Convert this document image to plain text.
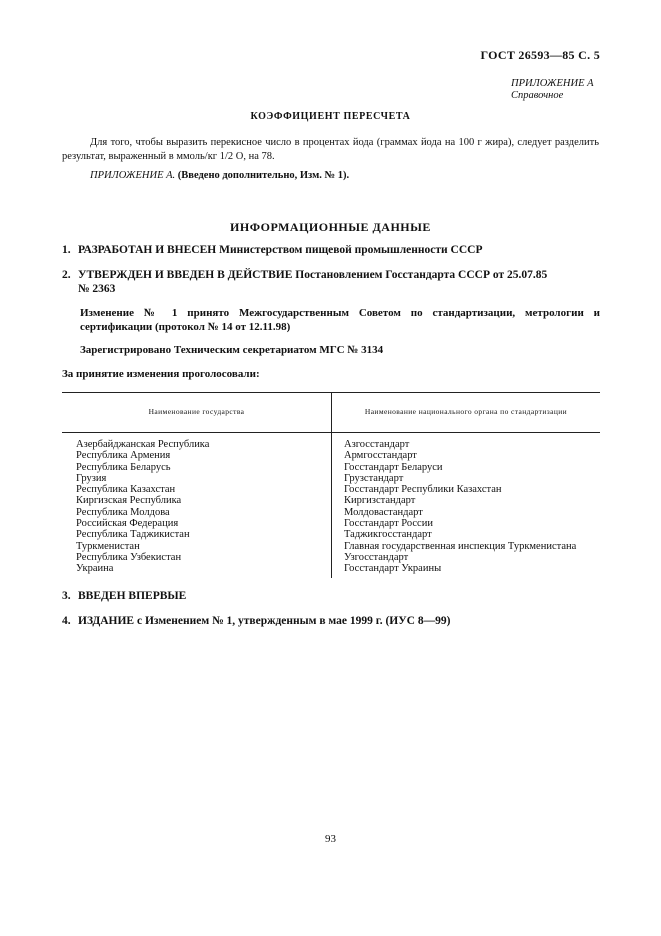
ГОСТ 26593—85 С. 5
ПРИЛОЖЕНИЕ А
Справочное
КОЭФФИЦИЕНТ ПЕРЕСЧЕТА
Для того, чтобы выразить перекисное число в процентах йода (граммах йода на 100 г жира), следует разделить результат, выраженный в ммоль/кг 1/2 О, на 78.
ПРИЛОЖЕНИЕ А. (Введено дополнительно, Изм. № 1).
ИНФОРМАЦИОННЫЕ ДАННЫЕ
1. РАЗРАБОТАН И ВНЕСЕН Министерством пищевой промышленности СССР
2. УТВЕРЖДЕН И ВВЕДЕН В ДЕЙСТВИЕ Постановлением Госстандарта СССР от 25.07.85
№ 2363
Изменение № 1 принято Межгосударственным Советом по стандартизации, метрологии и сертификации (протокол № 14 от 12.11.98)
Зарегистрировано Техническим секретариатом МГС № 3134
За принятие изменения проголосовали:
Наименование государства	Наименование национального органа по стандартизации
Азербайджанская Республика
Республика Армения
Республика Беларусь
Грузия
Республика Казахстан
Киргизская Республика
Республика Молдова
Российская Федерация
Республика Таджикистан
Туркменистан
Республика Узбекистан
Украина
Азгосстандарт
Армгосстандарт
Госстандарт Беларуси
Грузстандарт
Госстандарт Республики Казахстан
Киргизстандарт
Молдовастандарт
Госстандарт России
Таджикгосстандарт
Главная государственная инспекция Туркменистана
Узгосстандарт
Госстандарт Украины
3. ВВЕДЕН ВПЕРВЫЕ
4. ИЗДАНИЕ с Изменением № 1, утвержденным в мае 1999 г. (ИУС 8—99)
93
